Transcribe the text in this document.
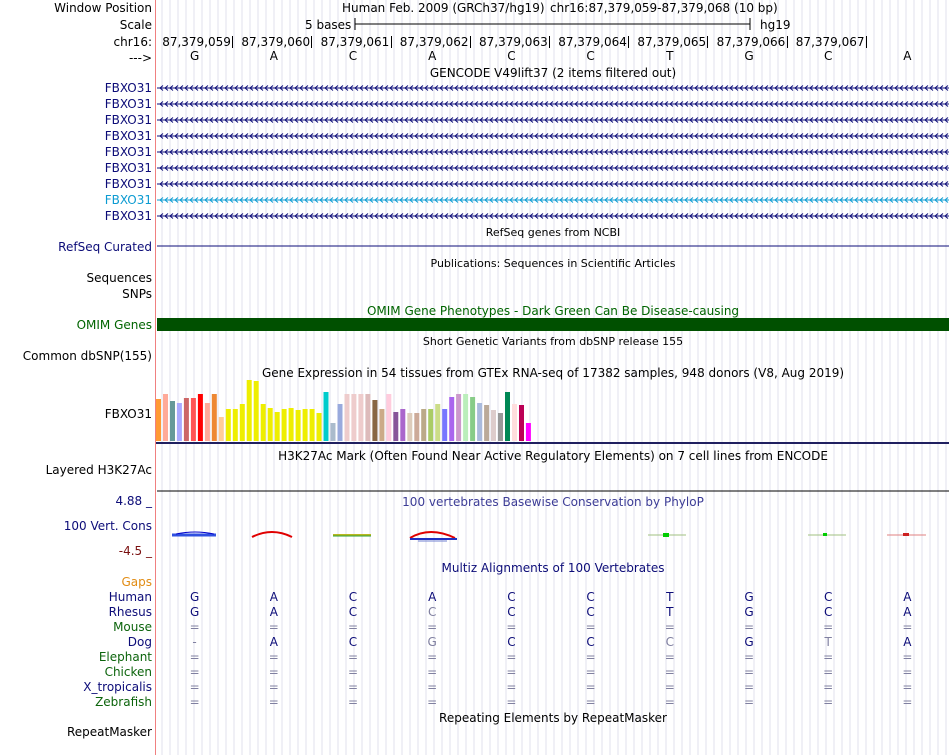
Window Position
Scale
chr16:
--->
Human Feb. 2009 (GRCh37/hg19) chr16:87,379,059-87,379,068 (10 bp)
5 bases	hg19
87,379,059 87,379,060 87,379,061 87,379,062 87,379,063 87,379,064 87,379,065 87,379,066 87,379,067
G	A	C	A	C	C	T	G	C	A
GENCODE V49lift37 (2 items filtered out)
FBXO31
FBXO31
FBXO31
FBXO31
FBXO31
FBXO31
FBXO31
FBXO31
FBXO31
RefSeq genes from NCBI
RefSeq Curated
Publications: Sequences in Scientific Articles
Sequences
SNPs
OMIM Gene Phenotypes - Dark Green Can Be Disease-causing
OMIM Genes
Short Genetic Variants from dbSNP release 155
Common dbSNP(155)
Gene Expression in 54 tissues from GTEx RNA-seq of 17382 samples, 948 donors (V8, Aug 2019)
FBXO31
H3K27Ac Mark (Often Found Near Active Regulatory Elements) on 7 cell lines from ENCODE
Layered H3K27Ac
100 vertebrates Basewise Conservation by PhyloP
4.88 _
100 Vert. Cons
-4.5 _
Multiz Alignments of 100 Vertebrates
Gaps
Human	G	A	C	A	C	C	T	G	C	A
Rhesus	G	A	C	C	C	C	T	G	C	A
Mouse	=	=	=	=	=	=	=	=	=	=
Dog	-	A	C	G	C	C	C	G	T	A
Elephant	=	=	=	=	=	=	=	=	=	=
Chicken	=	=	=	=	=	=	=	=	=	=
X_tropicalis	=	=	=	=	=	=	=	=	=	=
Zebrafish	=	=	=	=	=	=	=	=	=	=
Repeating Elements by RepeatMasker
RepeatMasker
